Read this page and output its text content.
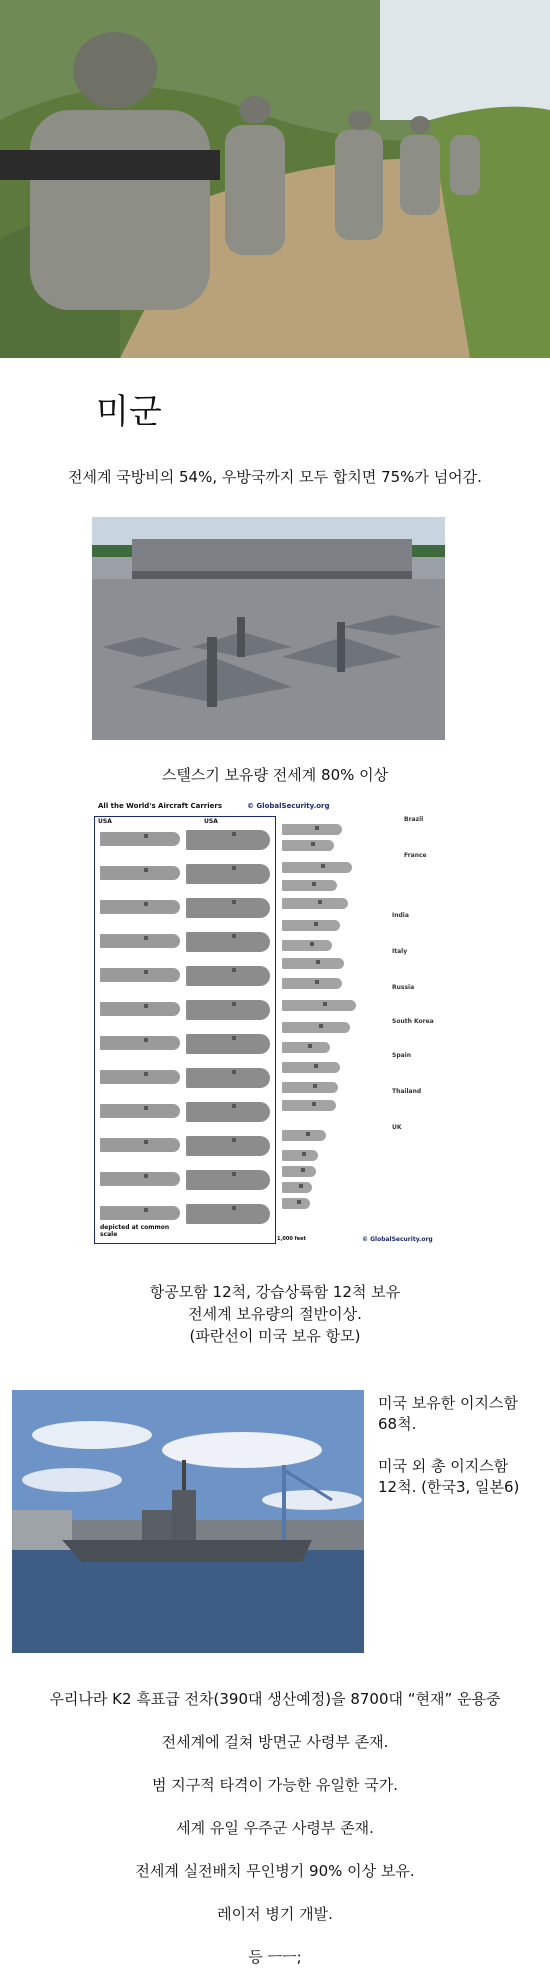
미군
전세계 국방비의 54%, 우방국까지 모두 합치면 75%가 넘어감.
스텔스기 보유량 전세계 80% 이상
All the World's Aircraft Carriers	© GlobalSecurity.org
USA	USA	Brazil
France
India
Italy
Russia
South Korea
Spain
Thailand
UK
depicted at common scale
1,000 feet	© GlobalSecurity.org
항공모함 12척, 강습상륙함 12척 보유
전세계 보유량의 절반이상.
(파란선이 미국 보유 항모)
미국 보유한 이지스함
68척.
미국 외 총 이지스함
12척. (한국3, 일본6)
우리나라 K2 흑표급 전차(390대 생산예정)을 8700대 “현재” 운용중
전세계에 걸쳐 방면군 사령부 존재.
범 지구적 타격이 가능한 유일한 국가.
세계 유일 우주군 사령부 존재.
전세계 실전배치 무인병기 90% 이상 보유.
레이저 병기 개발.
등 ㅡㅡ;
